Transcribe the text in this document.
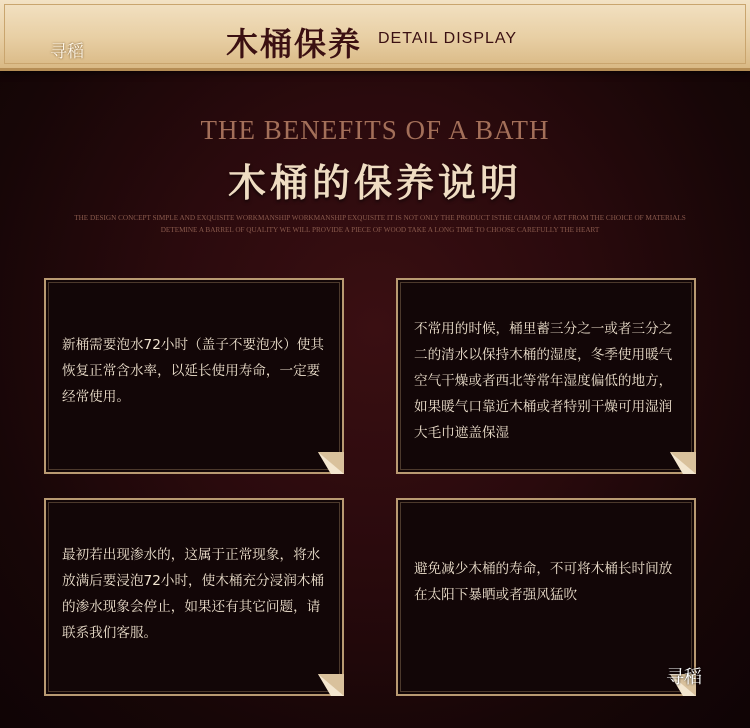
寻稻	木桶保养 DETAIL DISPLAY
THE BENEFITS OF A BATH
木桶的保养说明
THE DESIGN CONCEPT SIMPLE AND EXQUISITE WORKMANSHIP WORKMANSHIP EXQUISITE IT IS NOT ONLY THE PRODUCT ISTHE CHARM OF ART FROM THE CHOICE OF MATERIALS DETEMINE A BARREL OF QUALITY WE WILL PROVIDE A PIECE OF WOOD TAKE A LONG TIME TO CHOOSE CAREFULLY THE HEART
新桶需要泡水72小时（盖子不要泡水）使其恢复正常含水率，以延长使用寿命，一定要经常使用。
不常用的时候，桶里蓄三分之一或者三分之二的清水以保持木桶的湿度，冬季使用暖气空气干燥或者西北等常年湿度偏低的地方，如果暖气口靠近木桶或者特别干燥可用湿润大毛巾遮盖保湿
最初若出现渗水的，这属于正常现象，将水放满后要浸泡72小时，使木桶充分浸润木桶的渗水现象会停止，如果还有其它问题，请联系我们客服。
避免减少木桶的寿命，不可将木桶长时间放在太阳下暴晒或者强风猛吹
寻稻
